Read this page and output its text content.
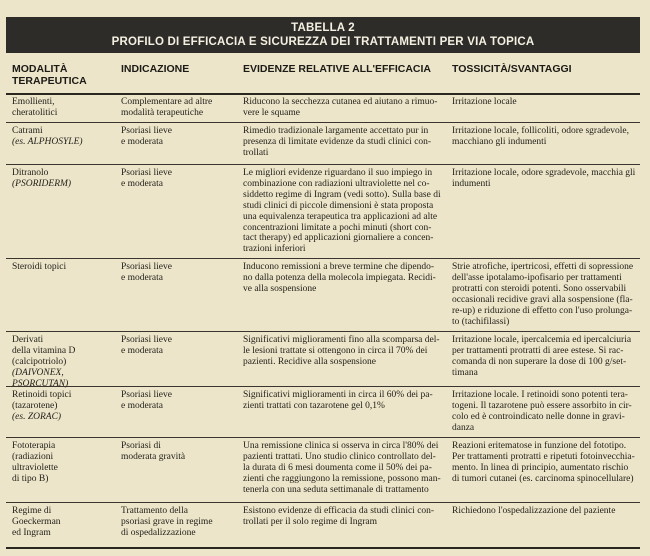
TABELLA 2
PROFILO DI EFFICACIA E SICUREZZA DEI TRATTAMENTI PER VIA TOPICA
MODALITÀ
TERAPEUTICA
INDICAZIONE	EVIDENZE RELATIVE ALL'EFFICACIA TOSSICITÀ/SVANTAGGI
Emollienti,
cheratolitici
Complementare ad altre
modalità terapeutiche
Riducono la secchezza cutanea ed aiutano a rimuo-
vere le squame
Irritazione locale
Catrami
(es. ALPHOSYLE)
Psoriasi lieve
e moderata
Rimedio tradizionale largamente accettato pur in
presenza di limitate evidenze da studi clinici con-
trollati
Irritazione locale, follicoliti, odore sgradevole,
macchiano gli indumenti
Ditranolo
(PSORIDERM)
Psoriasi lieve
e moderata
Le migliori evidenze riguardano il suo impiego in
combinazione con radiazioni ultraviolette nel co-
siddetto regime di Ingram (vedi sotto). Sulla base di
studi clinici di piccole dimensioni è stata proposta
una equivalenza terapeutica tra applicazioni ad alte
concentrazioni limitate a pochi minuti (short con-
tact therapy) ed applicazioni giornaliere a concen-
trazioni inferiori
Irritazione locale, odore sgradevole, macchia gli
indumenti
Steroidi topici	Psoriasi lieve
e moderata
Inducono remissioni a breve termine che dipendo-
no dalla potenza della molecola impiegata. Recidi-
ve alla sospensione
Strie atrofiche, ipertricosi, effetti di sopressione
dell'asse ipotalamo-ipofisario per trattamenti
protratti con steroidi potenti. Sono osservabili
occasionali recidive gravi alla sospensione (fla-
re-up) e riduzione di effetto con l'uso prolunga-
to (tachifilassi)
Derivati
della vitamina D
(calcipotriolo)
(DAIVONEX, PSORCUTAN)
Psoriasi lieve
e moderata
Significativi miglioramenti fino alla scomparsa del-
le lesioni trattate si ottengono in circa il 70% dei
pazienti. Recidive alla sospensione
Irritazione locale, ipercalcemia ed ipercalciuria
per trattamenti protratti di aree estese. Si rac-
comanda di non superare la dose di 100 g/set-
timana
Retinoidi topici
(tazarotene)
(es. ZORAC)
Psoriasi lieve
e moderata
Significativi miglioramenti in circa il 60% dei pa-
zienti trattati con tazarotene gel 0,1%
Irritazione locale. I retinoidi sono potenti tera-
togeni. Il tazarotene può essere assorbito in cir-
colo ed è controindicato nelle donne in gravi-
danza
Fototerapia
(radiazioni
ultraviolette
di tipo B)
Psoriasi di
moderata gravità
Una remissione clinica si osserva in circa l'80% dei
pazienti trattati. Uno studio clinico controllato del-
la durata di 6 mesi doumenta come il 50% dei pa-
zienti che raggiungono la remissione, possono man-
tenerla con una seduta settimanale di trattamento
Reazioni eritematose in funzione del fototipo.
Per trattamenti protratti e ripetuti fotoinvecchia-
mento. In linea di principio, aumentato rischio
di tumori cutanei (es. carcinoma spinocellulare)
Regime di
Goeckerman
ed Ingram
Trattamento della
psoriasi grave in regime
di ospedalizzazione
Esistono evidenze di efficacia da studi clinici con-
trollati per il solo regime di Ingram
Richiedono l'ospedalizzazione del paziente
